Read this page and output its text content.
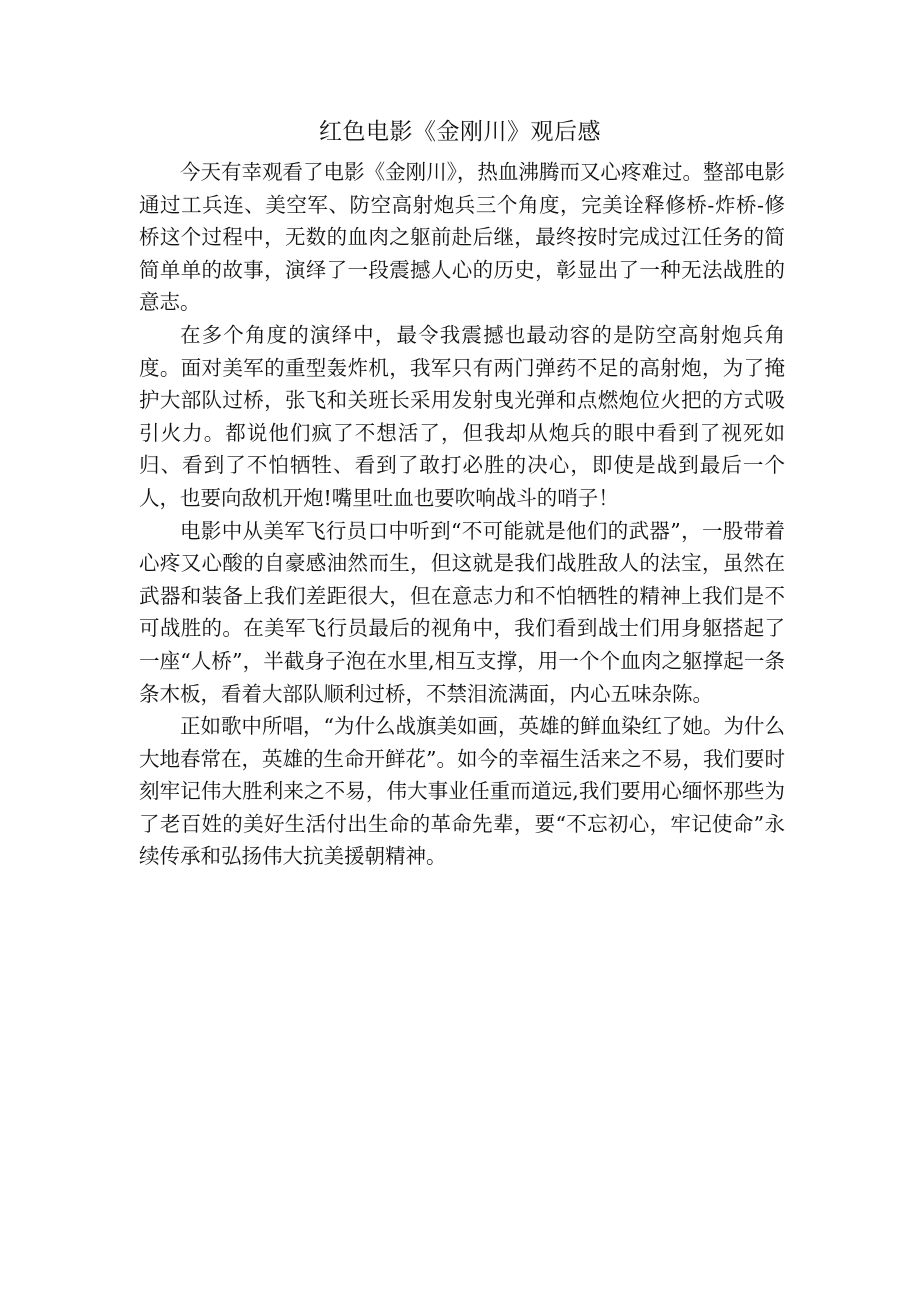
红色电影《金刚川》观后感

今天有幸观看了电影《金刚川》，热血沸腾而又心疼难过。整部电影通过工兵连、美空军、防空高射炮兵三个角度，完美诠释修桥-炸桥-修桥这个过程中，无数的血肉之躯前赴后继，最终按时完成过江任务的简简单单的故事，演绎了一段震撼人心的历史，彰显出了一种无法战胜的意志。

在多个角度的演绎中，最令我震撼也最动容的是防空高射炮兵角度。面对美军的重型轰炸机，我军只有两门弹药不足的高射炮，为了掩护大部队过桥，张飞和关班长采用发射曳光弹和点燃炮位火把的方式吸引火力。都说他们疯了不想活了，但我却从炮兵的眼中看到了视死如归、看到了不怕牺牲、看到了敢打必胜的决心，即使是战到最后一个人，也要向敌机开炮!嘴里吐血也要吹响战斗的哨子！

电影中从美军飞行员口中听到“不可能就是他们的武器”，一股带着心疼又心酸的自豪感油然而生，但这就是我们战胜敌人的法宝，虽然在武器和装备上我们差距很大，但在意志力和不怕牺牲的精神上我们是不可战胜的。在美军飞行员最后的视角中，我们看到战士们用身躯搭起了一座“人桥”，半截身子泡在水里,相互支撑，用一个个血肉之躯撑起一条条木板，看着大部队顺利过桥，不禁泪流满面，内心五味杂陈。

正如歌中所唱，“为什么战旗美如画，英雄的鲜血染红了她。为什么大地春常在，英雄的生命开鲜花”。如今的幸福生活来之不易，我们要时刻牢记伟大胜利来之不易，伟大事业任重而道远,我们要用心缅怀那些为了老百姓的美好生活付出生命的革命先辈，要“不忘初心，牢记使命”永续传承和弘扬伟大抗美援朝精神。
